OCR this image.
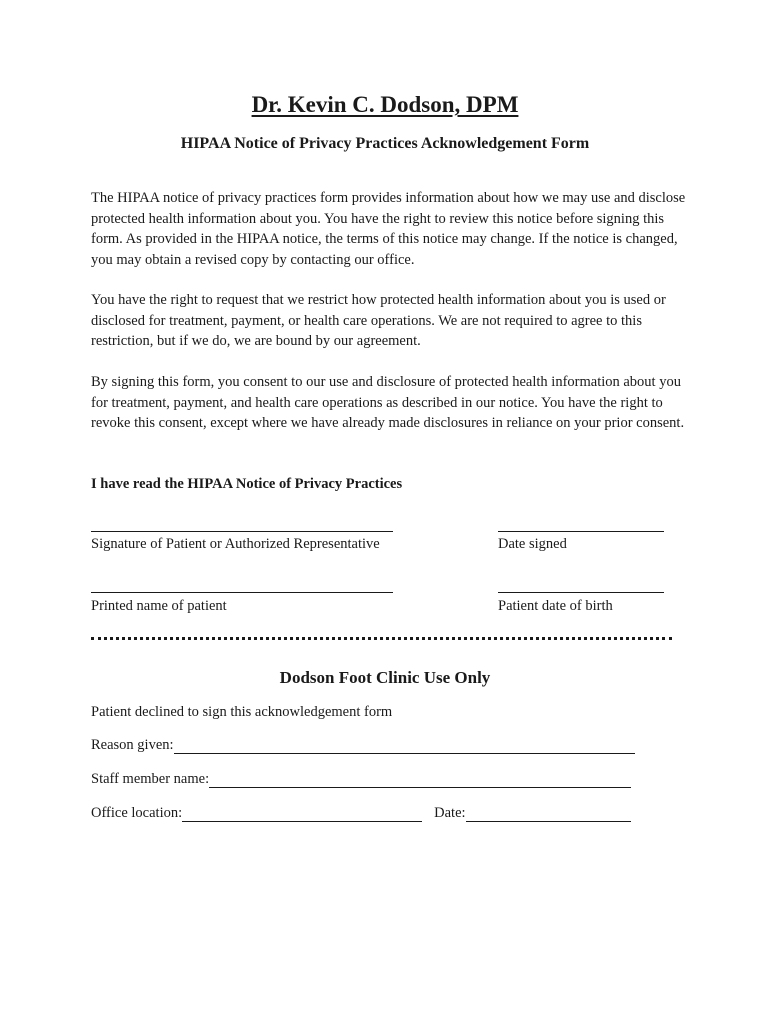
Dr. Kevin C. Dodson, DPM
HIPAA Notice of Privacy Practices Acknowledgement Form

The HIPAA notice of privacy practices form provides information about how we may use and disclose protected health information about you. You have the right to review this notice before signing this form. As provided in the HIPAA notice, the terms of this notice may change. If the notice is changed, you may obtain a revised copy by contacting our office.

You have the right to request that we restrict how protected health information about you is used or disclosed for treatment, payment, or health care operations. We are not required to agree to this restriction, but if we do, we are bound by our agreement.

By signing this form, you consent to our use and disclosure of protected health information about you for treatment, payment, and health care operations as described in our notice. You have the right to revoke this consent, except where we have already made disclosures in reliance on your prior consent.

I have read the HIPAA Notice of Privacy Practices

Signature of Patient or Authorized Representative	Date signed

Printed name of patient	Patient date of birth

Dodson Foot Clinic Use Only

Patient declined to sign this acknowledgement form

Reason given:
Staff member name:
Office location:	Date:
